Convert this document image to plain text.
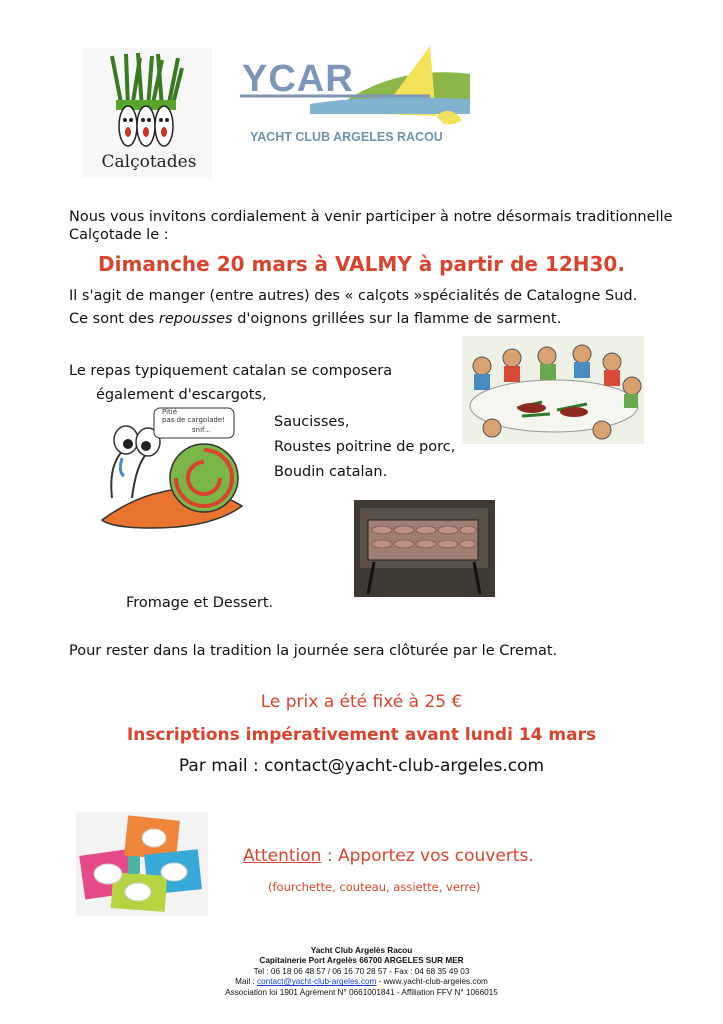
Calçotades
YCAR
YACHT CLUB ARGELES RACOU
Nous vous invitons cordialement à venir participer à notre désormais traditionnelle
Calçotade le :
Dimanche 20 mars à VALMY à partir de 12H30.
Il s'agit de manger (entre autres) des « calçots »spécialités de Catalogne Sud.
Ce sont des repousses d'oignons grillées sur la flamme de sarment.
Le repas typiquement catalan se composera
également d'escargots,
Saucisses,
Roustes poitrine de porc,
Boudin catalan.
Pitié
pas de cargolade!
snif...
Fromage et Dessert.
Pour rester dans la tradition la journée sera clôturée par le Cremat.
Le prix a été fixé à 25 €
Inscriptions impérativement avant lundi 14 mars
Par mail : contact@yacht-club-argeles.com
Attention : Apportez vos couverts.
(fourchette, couteau, assiette, verre)
Yacht Club Argelès Racou
Capitainerie Port Argelès 66700 ARGELES SUR MER
Tel : 06 18 06 48 57 / 06 16 70 28 57 - Fax : 04 68 35 49 03
Mail : contact@yacht-club-argeles.com - www.yacht-club-argeles.com
Association loi 1901 Agrément N° 0661001841 - Affiliation FFV N° 1066015
